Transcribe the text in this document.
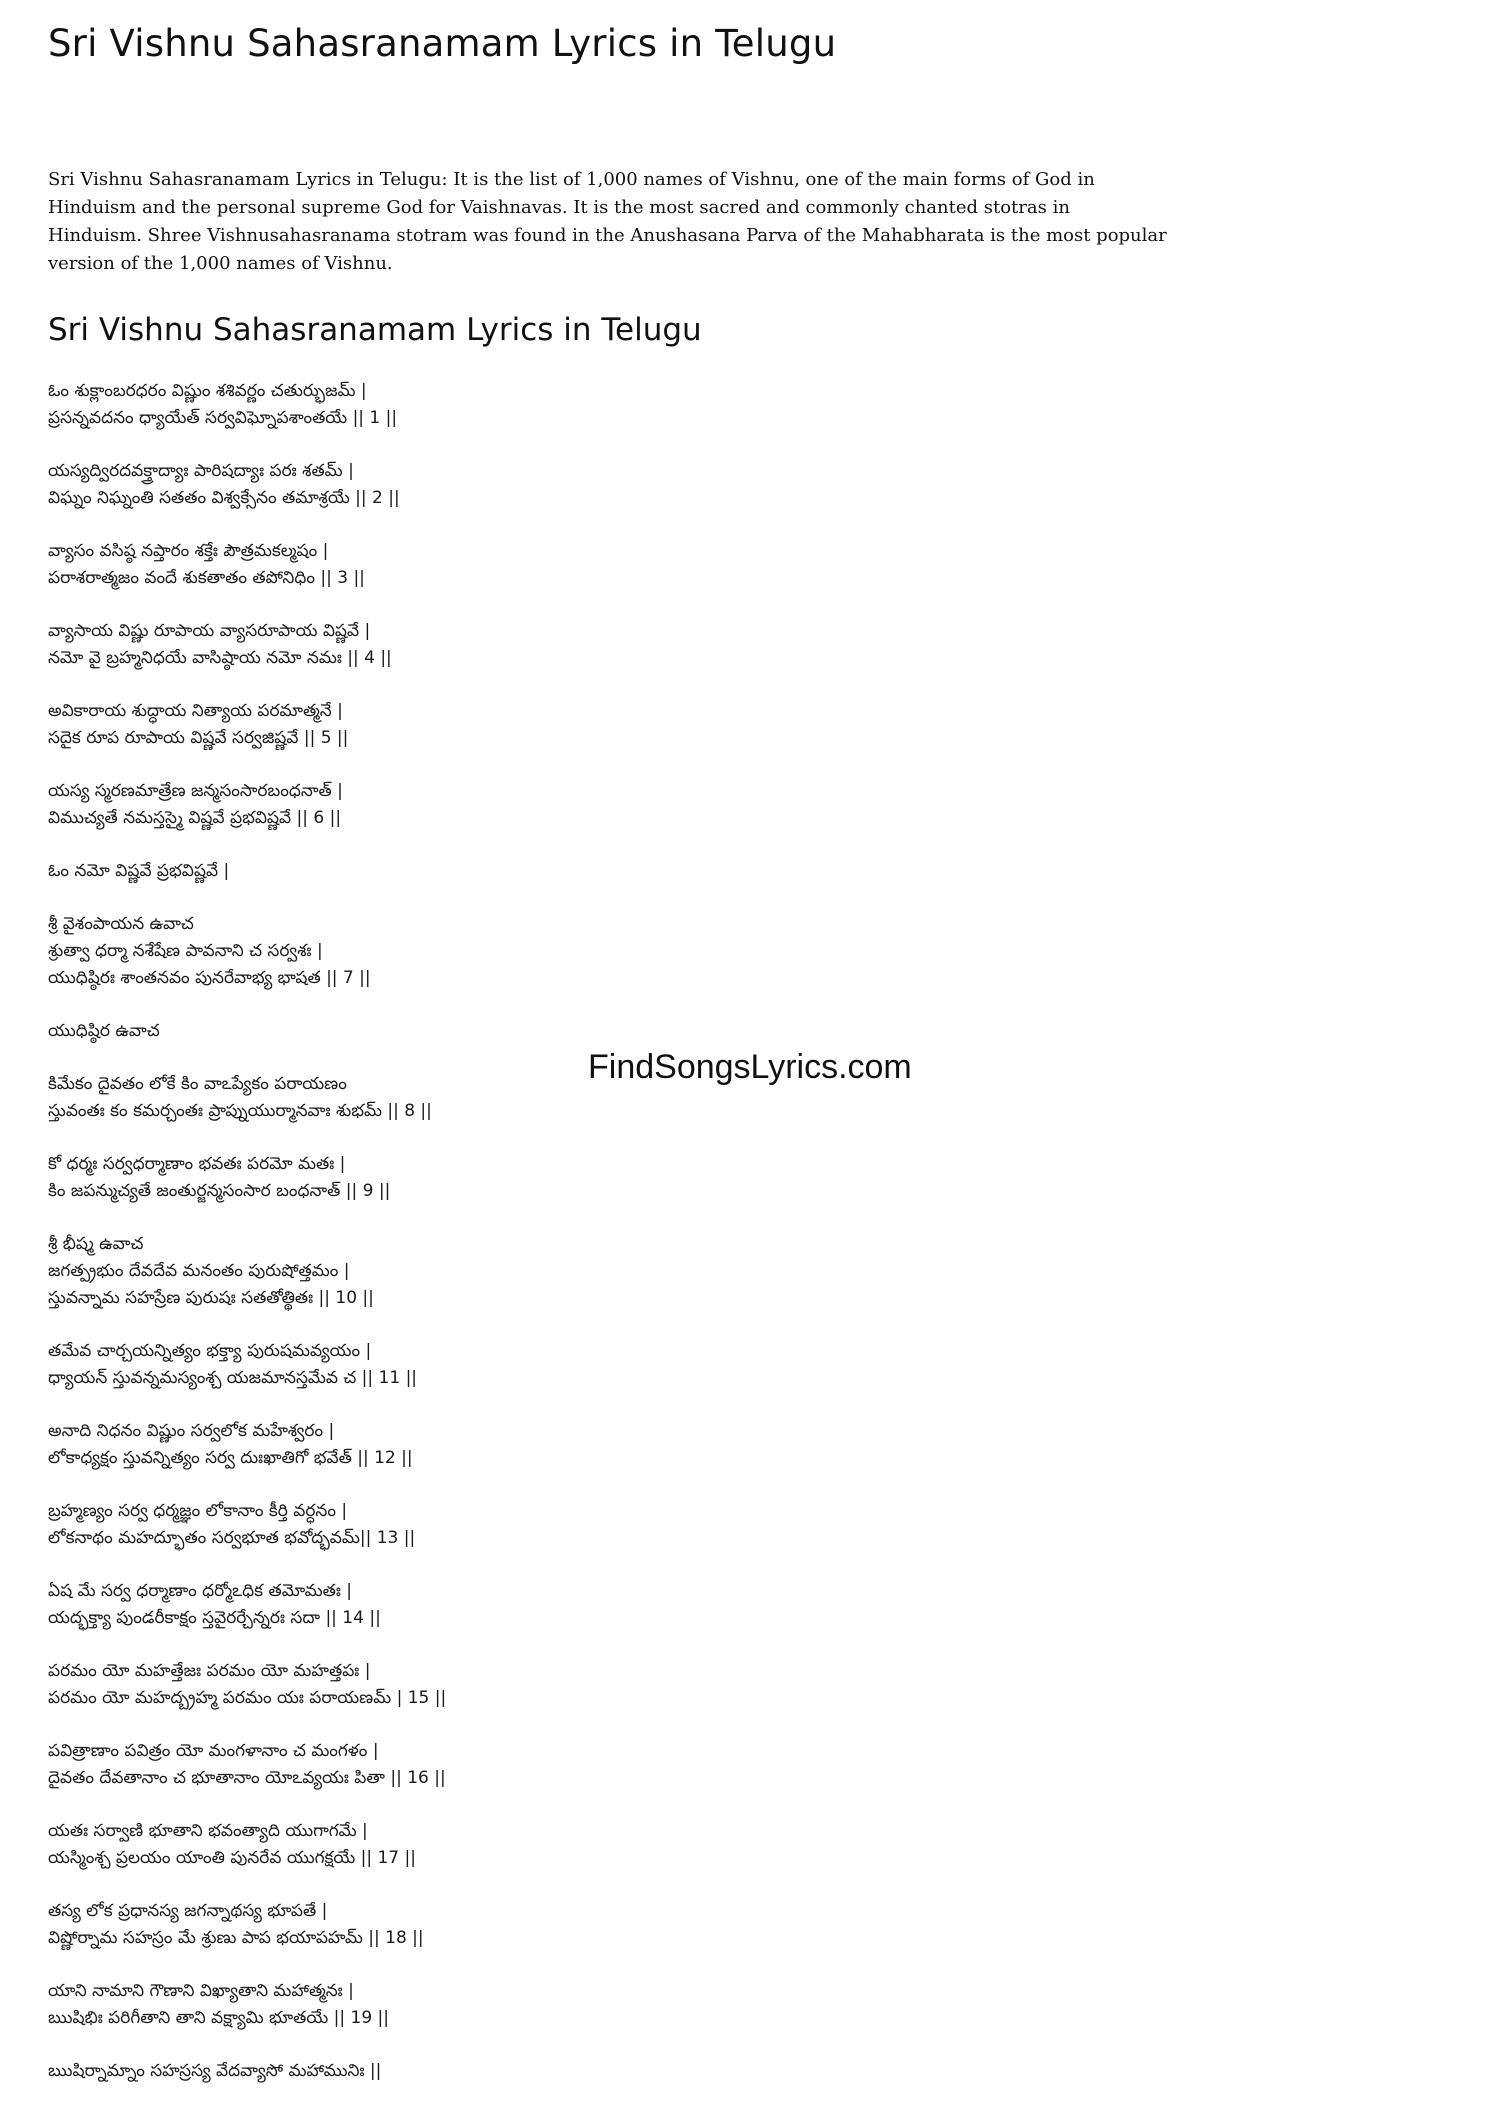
Sri Vishnu Sahasranamam Lyrics in Telugu

Sri Vishnu Sahasranamam Lyrics in Telugu: It is the list of 1,000 names of Vishnu, one of the main forms of God in Hinduism and the personal supreme God for Vaishnavas. It is the most sacred and commonly chanted stotras in Hinduism. Shree Vishnusahasranama stotram was found in the Anushasana Parva of the Mahabharata is the most popular version of the 1,000 names of Vishnu.

Sri Vishnu Sahasranamam Lyrics in Telugu
ఓం శుక్లాంబరధరం విష్ణుం శశివర్ణం చతుర్భుజమ్ |
ప్రసన్నవదనం ధ్యాయేత్ సర్వవిఘ్నోపశాంతయే || 1 ||
యస్యద్విరదవక్త్రాద్యాః పారిషద్యాః పరః శతమ్ |
విఘ్నం నిఘ్నంతి సతతం విశ్వక్సేనం తమాశ్రయే || 2 ||
వ్యాసం వసిష్ఠ నప్తారం శక్తేః పౌత్రమకల్మషం |
పరాశరాత్మజం వందే శుకతాతం తపోనిధిం || 3 ||
వ్యాసాయ విష్ణు రూపాయ వ్యాసరూపాయ విష్ణవే |
నమో వై బ్రహ్మనిధయే వాసిష్ఠాయ నమో నమః || 4 ||
అవికారాయ శుద్ధాయ నిత్యాయ పరమాత్మనే |
సదైక రూప రూపాయ విష్ణవే సర్వజిష్ణవే || 5 ||
యస్య స్మరణమాత్రేణ జన్మసంసారబంధనాత్ |
విముచ్యతే నమస్తస్మై విష్ణవే ప్రభవిష్ణవే || 6 ||
ఓం నమో విష్ణవే ప్రభవిష్ణవే |
శ్రీ వైశంపాయన ఉవాచ
శ్రుత్వా ధర్మా నశేషేణ పావనాని చ సర్వశః |
యుధిష్ఠిరః శాంతనవం పునరేవాభ్య భాషత || 7 ||
యుధిష్ఠిర ఉవాచ
కిమేకం దైవతం లోకే కిం వాఽప్యేకం పరాయణం
స్తువంతః కం కమర్చంతః ప్రాప్నుయుర్మానవాః శుభమ్ || 8 ||
కో ధర్మః సర్వధర్మాణాం భవతః పరమో మతః |
కిం జపన్ముచ్యతే జంతుర్జన్మసంసార బంధనాత్ || 9 ||
శ్రీ భీష్మ ఉవాచ
జగత్ప్రభుం దేవదేవ మనంతం పురుషోత్తమం |
స్తువన్నామ సహస్రేణ పురుషః సతతోత్థితః || 10 ||
తమేవ చార్చయన్నిత్యం భక్త్యా పురుషమవ్యయం |
ధ్యాయన్ స్తువన్నమస్యంశ్చ యజమానస్తమేవ చ || 11 ||
అనాది నిధనం విష్ణుం సర్వలోక మహేశ్వరం |
లోకాధ్యక్షం స్తువన్నిత్యం సర్వ దుఃఖాతిగో భవేత్ || 12 ||
బ్రహ్మణ్యం సర్వ ధర్మజ్ఞం లోకానాం కీర్తి వర్ధనం |
లోకనాథం మహద్భూతం సర్వభూత భవోద్భవమ్|| 13 ||
ఏష మే సర్వ ధర్మాణాం ధర్మోఽధిక తమోమతః |
యద్భక్త్యా పుండరీకాక్షం స్తవైరర్చేన్నరః సదా || 14 ||
పరమం యో మహత్తేజః పరమం యో మహత్తపః |
పరమం యో మహద్బ్రహ్మ పరమం యః పరాయణమ్ | 15 ||
పవిత్రాణాం పవిత్రం యో మంగళానాం చ మంగళం |
దైవతం దేవతానాం చ భూతానాం యోఽవ్యయః పితా || 16 ||
యతః సర్వాణి భూతాని భవంత్యాది యుగాగమే |
యస్మింశ్చ ప్రలయం యాంతి పునరేవ యుగక్షయే || 17 ||
తస్య లోక ప్రధానస్య జగన్నాథస్య భూపతే |
విష్ణోర్నామ సహస్రం మే శ్రుణు పాప భయాపహమ్ || 18 ||
యాని నామాని గౌణాని విఖ్యాతాని మహాత్మనః |
ఋషిభిః పరిగీతాని తాని వక్ష్యామి భూతయే || 19 ||
ఋషిర్నామ్నాం సహస్రస్య వేదవ్యాసో మహామునిః ||
FindSongsLyrics.com
